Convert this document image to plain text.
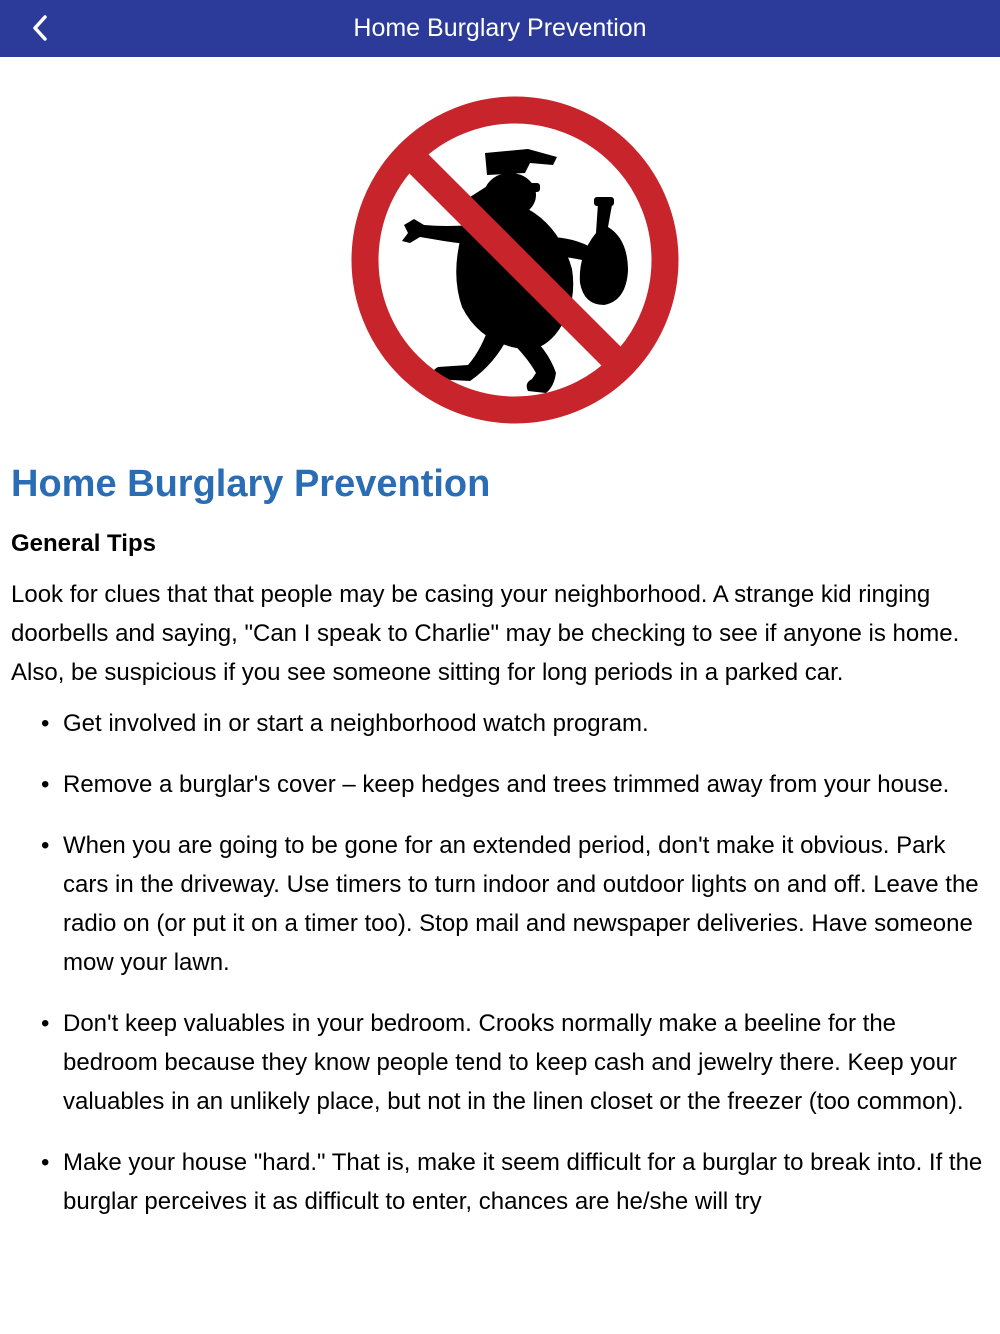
Home Burglary Prevention
Home Burglary Prevention
General Tips

Look for clues that that people may be casing your neighborhood. A strange kid ringing doorbells and saying, "Can I speak to Charlie" may be checking to see if anyone is home. Also, be suspicious if you see someone sitting for long periods in a parked car.

• Get involved in or start a neighborhood watch program.
• Remove a burglar's cover – keep hedges and trees trimmed away from your house.
• When you are going to be gone for an extended period, don't make it obvious. Park cars in the driveway. Use timers to turn indoor and outdoor lights on and off. Leave the radio on (or put it on a timer too). Stop mail and newspaper deliveries. Have someone mow your lawn.
• Don't keep valuables in your bedroom. Crooks normally make a beeline for the bedroom because they know people tend to keep cash and jewelry there. Keep your valuables in an unlikely place, but not in the linen closet or the freezer (too common).
• Make your house "hard." That is, make it seem difficult for a burglar to break into. If the burglar perceives it as difficult to enter, chances are he/she will try
